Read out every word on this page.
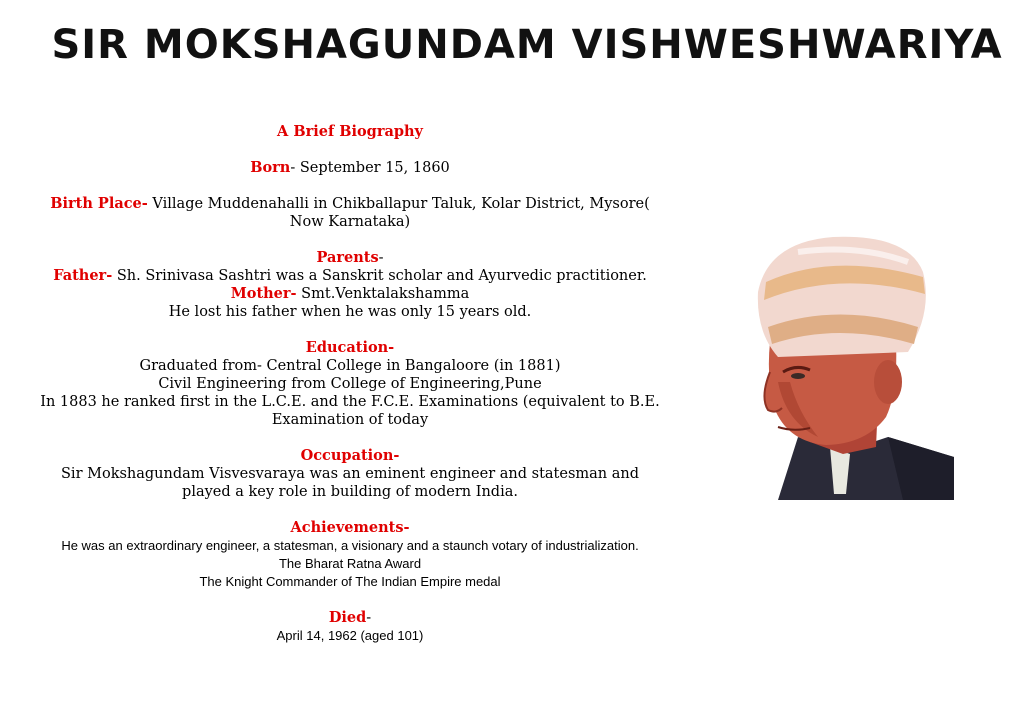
SIR MOKSHAGUNDAM VISHWESHWARIYA
A Brief Biography
Born- September 15, 1860
Birth Place- Village Muddenahalli in Chikballapur Taluk, Kolar District, Mysore(
Now Karnataka)
Parents-
Father- Sh. Srinivasa Sashtri was a Sanskrit scholar and Ayurvedic practitioner.
Mother- Smt.Venktalakshamma
He lost his father when he was only 15 years old.
Education-
Graduated from- Central College in Bangaloore (in 1881)
Civil Engineering from College of Engineering,Pune
In 1883 he ranked first in the L.C.E. and the F.C.E. Examinations (equivalent to B.E.
Examination of today
Occupation-
Sir Mokshagundam Visvesvaraya was an eminent engineer and statesman and
played a key role in building of modern India.
Achievements-
He was an extraordinary engineer, a statesman, a visionary and a staunch votary of industrialization.
The Bharat Ratna Award
The Knight Commander of The Indian Empire medal
Died-
April 14, 1962 (aged 101)
